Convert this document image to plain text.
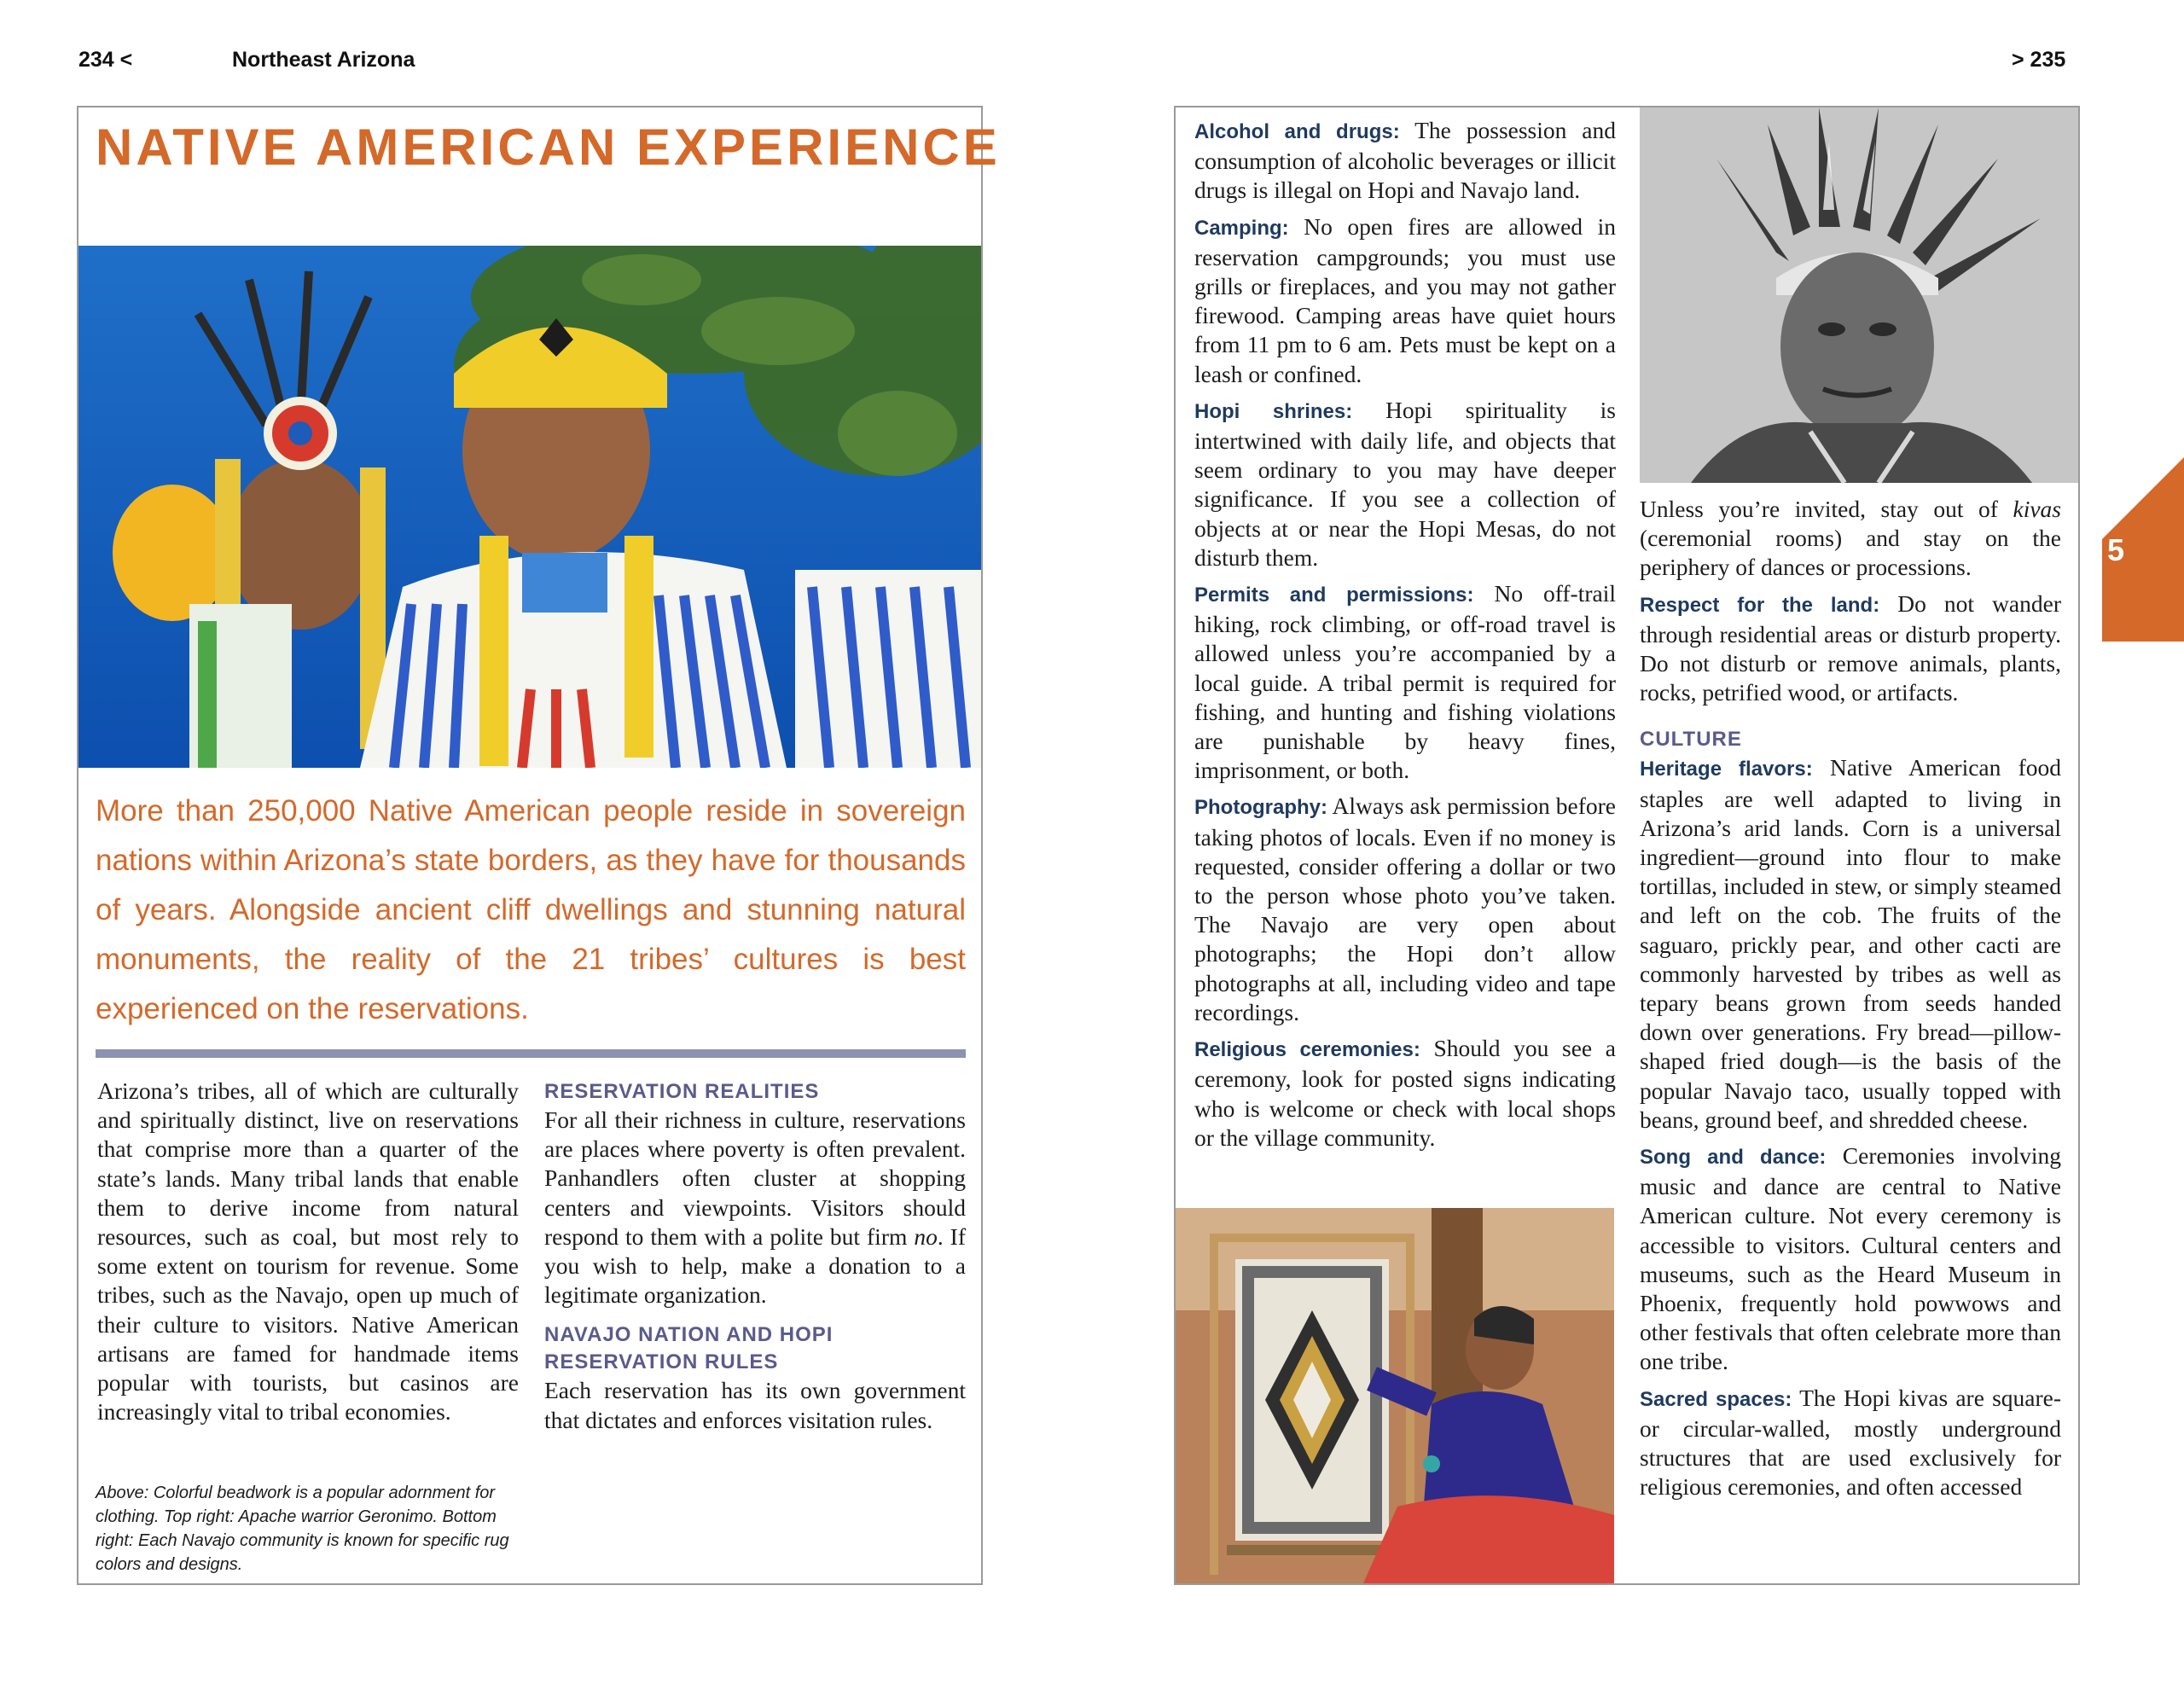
234 <	Northeast Arizona	> 235
NATIVE AMERICAN EXPERIENCE

More than 250,000 Native American people reside in sovereign nations within Arizona’s state borders, as they have for thousands of years. Alongside ancient cliff dwellings and stunning natural monuments, the reality of the 21 tribes’ cultures is best experienced on the reservations.

Arizona’s tribes, all of which are culturally and spiritually distinct, live on reservations that comprise more than a quarter of the state’s lands. Many tribal lands that enable them to derive income from natural resources, such as coal, but most rely to some extent on tourism for revenue. Some tribes, such as the Navajo, open up much of their culture to visitors. Native American artisans are famed for handmade items popular with tourists, but casinos are increasingly vital to tribal economies.

Above: Colorful beadwork is a popular adornment for clothing. Top right: Apache warrior Geronimo. Bottom right: Each Navajo community is known for specific rug colors and designs.

RESERVATION REALITIES

For all their richness in culture, reservations are places where poverty is often prevalent. Panhandlers often cluster at shopping centers and viewpoints. Visitors should respond to them with a polite but firm no. If you wish to help, make a donation to a legitimate organization.

NAVAJO NATION AND HOPI RESERVATION RULES

Each reservation has its own government that dictates and enforces visitation rules.

Alcohol and drugs: The possession and consumption of alcoholic beverages or illicit drugs is illegal on Hopi and Navajo land.

Camping: No open fires are allowed in reservation campgrounds; you must use grills or fireplaces, and you may not gather firewood. Camping areas have quiet hours from 11 pm to 6 am. Pets must be kept on a leash or confined.

Hopi shrines: Hopi spirituality is intertwined with daily life, and objects that seem ordinary to you may have deeper significance. If you see a collection of objects at or near the Hopi Mesas, do not disturb them.

Permits and permissions: No off-trail hiking, rock climbing, or off-road travel is allowed unless you’re accompanied by a local guide. A tribal permit is required for fishing, and hunting and fishing violations are punishable by heavy fines, imprisonment, or both.

Photography: Always ask permission before taking photos of locals. Even if no money is requested, consider offering a dollar or two to the person whose photo you’ve taken. The Navajo are very open about photographs; the Hopi don’t allow photographs at all, including video and tape recordings.

Religious ceremonies: Should you see a ceremony, look for posted signs indicating who is welcome or check with local shops or the village community.

Unless you’re invited, stay out of kivas (ceremonial rooms) and stay on the periphery of dances or processions.

Respect for the land: Do not wander through residential areas or disturb property. Do not disturb or remove animals, plants, rocks, petrified wood, or artifacts.

CULTURE

Heritage flavors: Native American food staples are well adapted to living in Arizona’s arid lands. Corn is a universal ingredient—ground into flour to make tortillas, included in stew, or simply steamed and left on the cob. The fruits of the saguaro, prickly pear, and other cacti are commonly harvested by tribes as well as tepary beans grown from seeds handed down over generations. Fry bread—pillow-shaped fried dough—is the basis of the popular Navajo taco, usually topped with beans, ground beef, and shredded cheese.

Song and dance: Ceremonies involving music and dance are central to Native American culture. Not every ceremony is accessible to visitors. Cultural centers and museums, such as the Heard Museum in Phoenix, frequently hold powwows and other festivals that often celebrate more than one tribe.

Sacred spaces: The Hopi kivas are square- or circular-walled, mostly underground structures that are used exclusively for religious ceremonies, and often accessed

5
